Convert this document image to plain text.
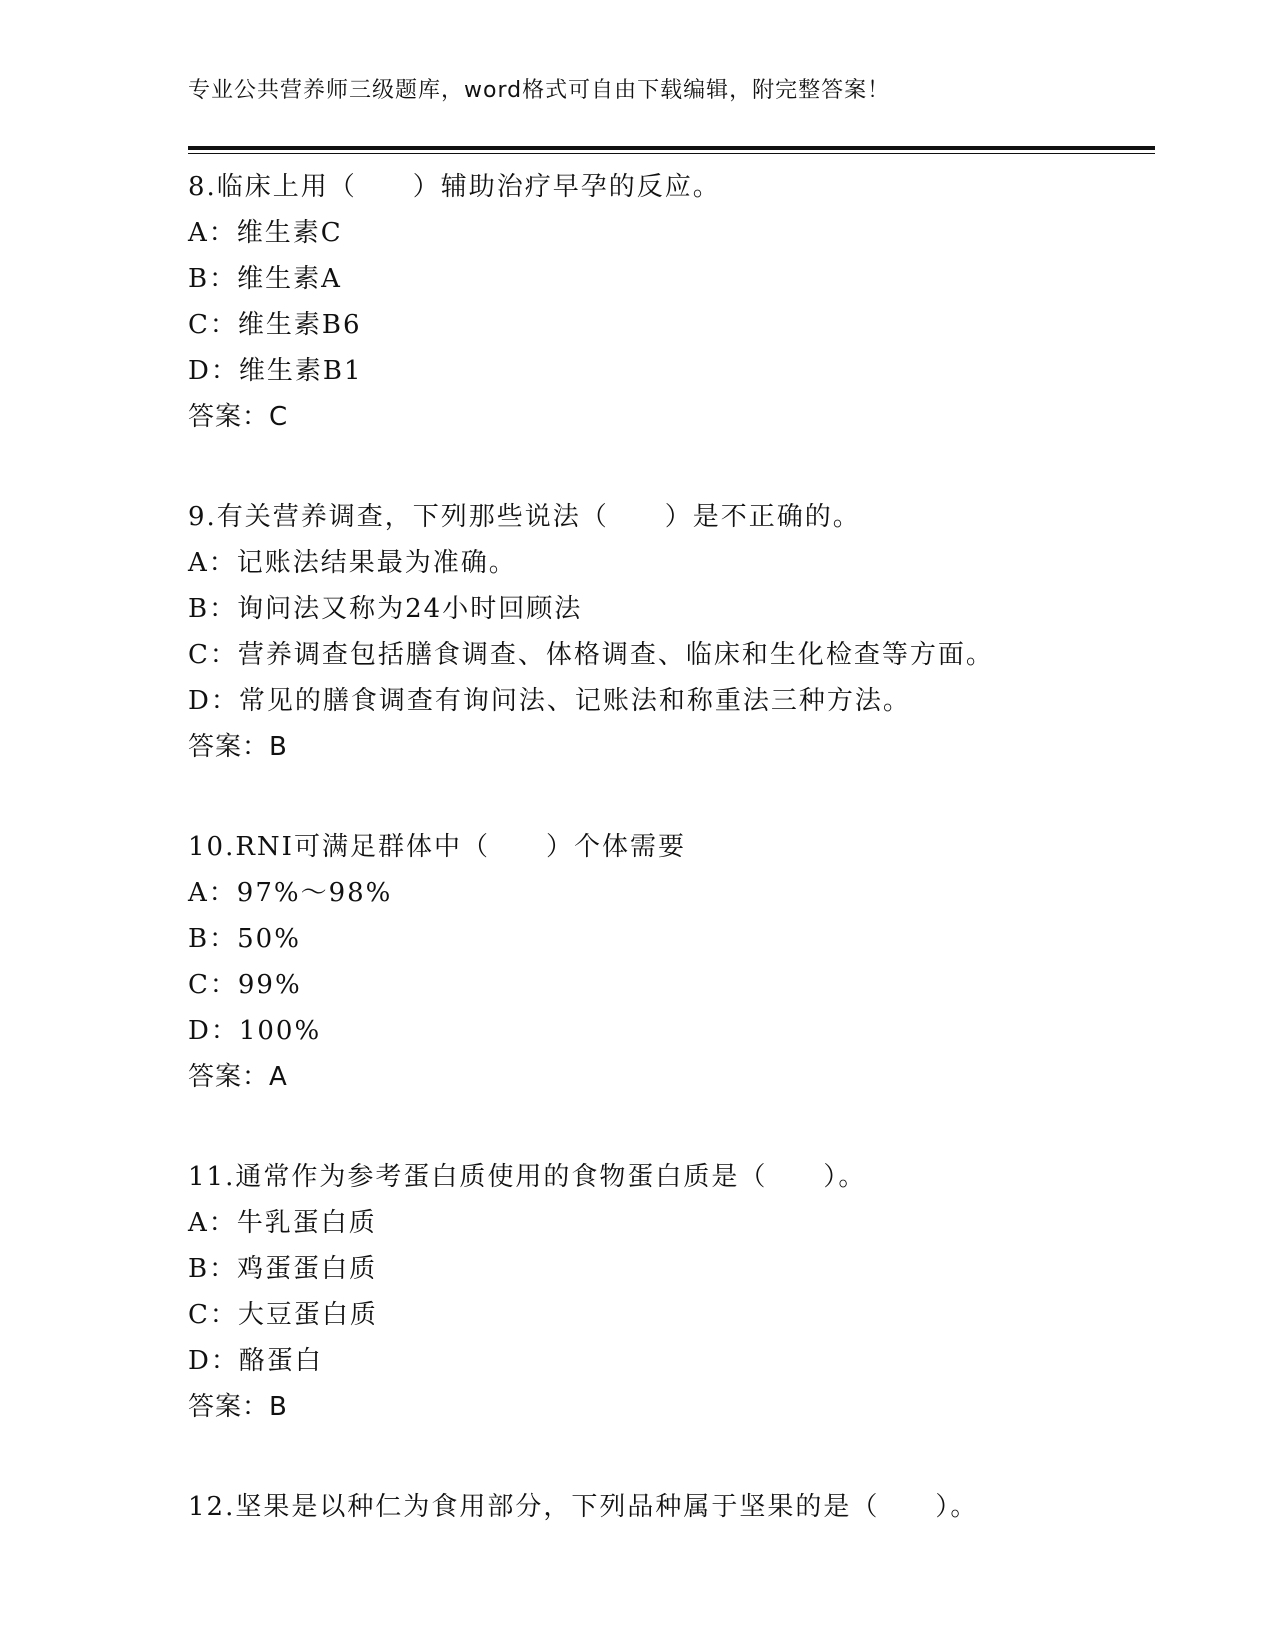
专业公共营养师三级题库，word格式可自由下载编辑，附完整答案！
8.临床上用（　　）辅助治疗早孕的反应。
A：维生素C
B：维生素A
C：维生素B6
D：维生素B1
答案：C
9.有关营养调查，下列那些说法（　　）是不正确的。
A：记账法结果最为准确。
B：询问法又称为24小时回顾法
C：营养调查包括膳食调查、体格调查、临床和生化检查等方面。
D：常见的膳食调查有询问法、记账法和称重法三种方法。
答案：B
10.RNI可满足群体中（　　）个体需要
A：97%～98%
B：50%
C：99%
D：100%
答案：A
11.通常作为参考蛋白质使用的食物蛋白质是（　　）。
A：牛乳蛋白质
B：鸡蛋蛋白质
C：大豆蛋白质
D：酪蛋白
答案：B
12.坚果是以种仁为食用部分，下列品种属于坚果的是（　　）。
